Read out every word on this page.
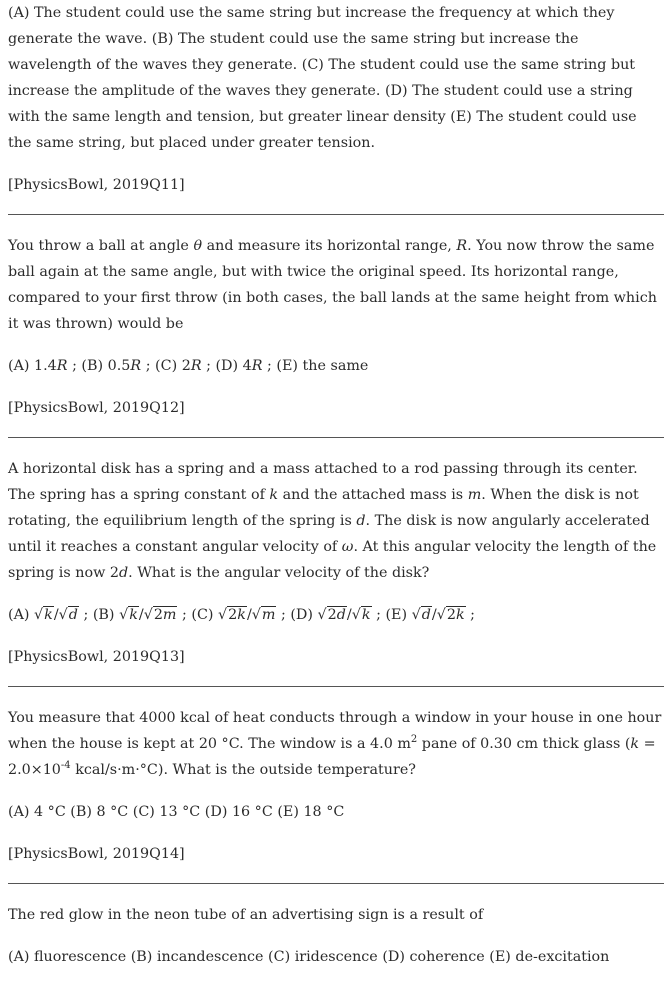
(A) The student could use the same string but increase the frequency at which they generate the wave. (B) The student could use the same string but increase the wavelength of the waves they generate. (C) The student could use the same string but increase the amplitude of the waves they generate. (D) The student could use a string with the same length and tension, but greater linear density (E) The student could use the same string, but placed under greater tension.

[PhysicsBowl, 2019Q11]

You throw a ball at angle θ and measure its horizontal range, R. You now throw the same ball again at the same angle, but with twice the original speed. Its horizontal range, compared to your first throw (in both cases, the ball lands at the same height from which it was thrown) would be

(A) 1.4R ; (B) 0.5R ; (C) 2R ; (D) 4R ; (E) the same

[PhysicsBowl, 2019Q12]

A horizontal disk has a spring and a mass attached to a rod passing through its center. The spring has a spring constant of k and the attached mass is m. When the disk is not rotating, the equilibrium length of the spring is d. The disk is now angularly accelerated until it reaches a constant angular velocity of ω. At this angular velocity the length of the spring is now 2d. What is the angular velocity of the disk?

(A) √k/√d ; (B) √k/√2m ; (C) √2k/√m ; (D) √2d/√k ; (E) √d/√2k ;

[PhysicsBowl, 2019Q13]

You measure that 4000 kcal of heat conducts through a window in your house in one hour when the house is kept at 20 °C. The window is a 4.0 $m^2$ pane of 0.30 cm thick glass ($k = 2.0\times 10^{-4}$ kcal/s·m·°C). What is the outside temperature?

(A) 4 °C (B) 8 °C (C) 13 °C (D) 16 °C (E) 18 °C

[PhysicsBowl, 2019Q14]

The red glow in the neon tube of an advertising sign is a result of

(A) fluorescence (B) incandescence (C) iridescence (D) coherence (E) de-excitation
